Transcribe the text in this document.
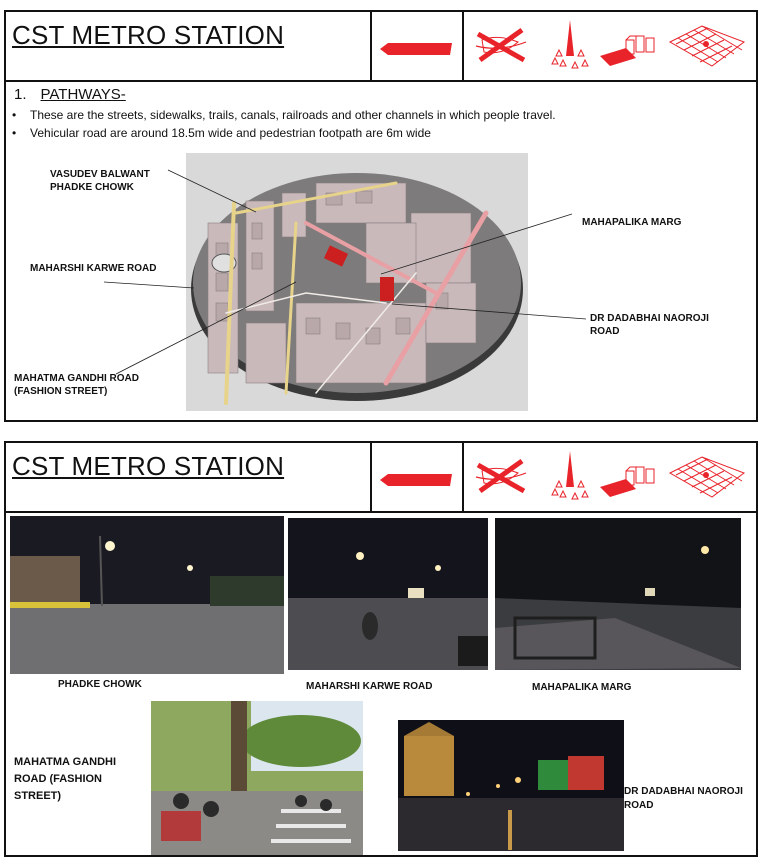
CST METRO STATION
1. PATHWAYS-
• These are the streets, sidewalks, trails, canals, railroads and other channels in which people travel.
• Vehicular road are around 18.5m wide and pedestrian footpath are 6m wide
VASUDEV BALWANT
PHADKE CHOWK
MAHARSHI KARWE ROAD
MAHATMA GANDHI ROAD
(FASHION STREET)
MAHAPALIKA MARG
DR DADABHAI NAOROJI
ROAD
CST METRO STATION
PHADKE CHOWK	MAHARSHI KARWE ROAD	MAHAPALIKA MARG
MAHATMA GANDHI
ROAD (FASHION
STREET)	DR DADABHAI NAOROJI
ROAD
